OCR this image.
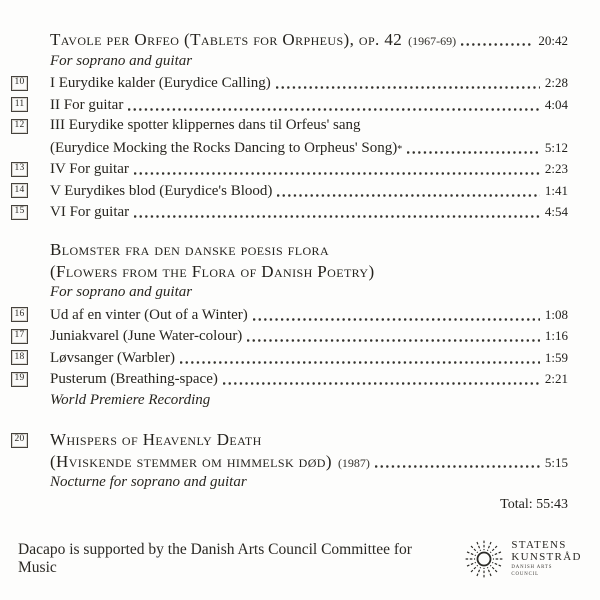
Tavole per Orfeo (Tablets for Orpheus), op. 42 (1967-69)	20:42
For soprano and guitar
10 I Eurydike kalder (Eurydice Calling)	2:28
11 II For guitar	4:04
12 III Eurydike spotter klippernes dans til Orfeus' sang
(Eurydice Mocking the Rocks Dancing to Orpheus' Song) *	5:12
13 IV For guitar	2:23
14 V Eurydikes blod (Eurydice's Blood)	1:41
15 VI For guitar	4:54
Blomster fra den danske poesis flora
(Flowers from the Flora of Danish Poetry)
For soprano and guitar
16 Ud af en vinter (Out of a Winter)	1:08
17 Juniakvarel (June Water-colour)	1:16
18 Løvsanger (Warbler)	1:59
19 Pusterum (Breathing-space)	2:21
World Premiere Recording
20 Whispers of Heavenly Death
(Hviskende stemmer om himmelsk død) (1987)	5:15
Nocturne for soprano and guitar
Total: 55:43
Dacapo is supported by the Danish Arts Council Committee for Music
STATENS
KUNSTRÅD
DANISH ARTS COUNCIL
